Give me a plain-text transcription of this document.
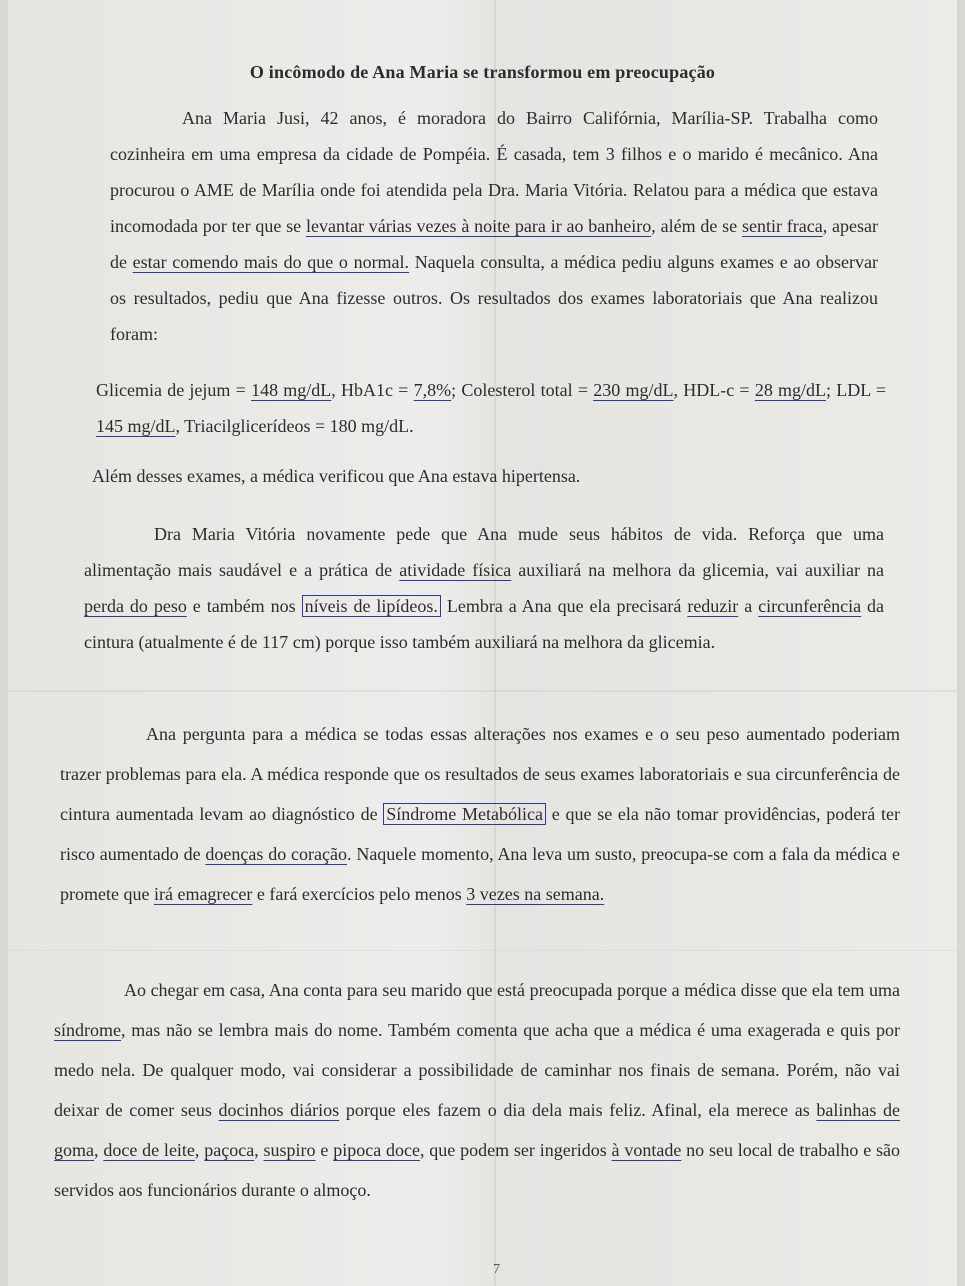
O incômodo de Ana Maria se transformou em preocupação
Ana Maria Jusi, 42 anos, é moradora do Bairro Califórnia, Marília-SP. Trabalha como cozinheira em uma empresa da cidade de Pompéia. É casada, tem 3 filhos e o marido é mecânico. Ana procurou o AME de Marília onde foi atendida pela Dra. Maria Vitória. Relatou para a médica que estava incomodada por ter que se levantar várias vezes à noite para ir ao banheiro, além de se sentir fraca, apesar de estar comendo mais do que o normal. Naquela consulta, a médica pediu alguns exames e ao observar os resultados, pediu que Ana fizesse outros. Os resultados dos exames laboratoriais que Ana realizou foram:
Glicemia de jejum = 148 mg/dL, HbA1c = 7,8%; Colesterol total = 230 mg/dL, HDL-c = 28 mg/dL; LDL = 145 mg/dL, Triacilglicerídeos = 180 mg/dL.
Além desses exames, a médica verificou que Ana estava hipertensa.
Dra Maria Vitória novamente pede que Ana mude seus hábitos de vida. Reforça que uma alimentação mais saudável e a prática de atividade física auxiliará na melhora da glicemia, vai auxiliar na perda do peso e também nos níveis de lipídeos. Lembra a Ana que ela precisará reduzir a circunferência da cintura (atualmente é de 117 cm) porque isso também auxiliará na melhora da glicemia.
Ana pergunta para a médica se todas essas alterações nos exames e o seu peso aumentado poderiam trazer problemas para ela. A médica responde que os resultados de seus exames laboratoriais e sua circunferência de cintura aumentada levam ao diagnóstico de Síndrome Metabólica e que se ela não tomar providências, poderá ter risco aumentado de doenças do coração. Naquele momento, Ana leva um susto, preocupa-se com a fala da médica e promete que irá emagrecer e fará exercícios pelo menos 3 vezes na semana.
Ao chegar em casa, Ana conta para seu marido que está preocupada porque a médica disse que ela tem uma síndrome, mas não se lembra mais do nome. Também comenta que acha que a médica é uma exagerada e quis por medo nela. De qualquer modo, vai considerar a possibilidade de caminhar nos finais de semana. Porém, não vai deixar de comer seus docinhos diários porque eles fazem o dia dela mais feliz. Afinal, ela merece as balinhas de goma, doce de leite, paçoca, suspiro e pipoca doce, que podem ser ingeridos à vontade no seu local de trabalho e são servidos aos funcionários durante o almoço.
7
